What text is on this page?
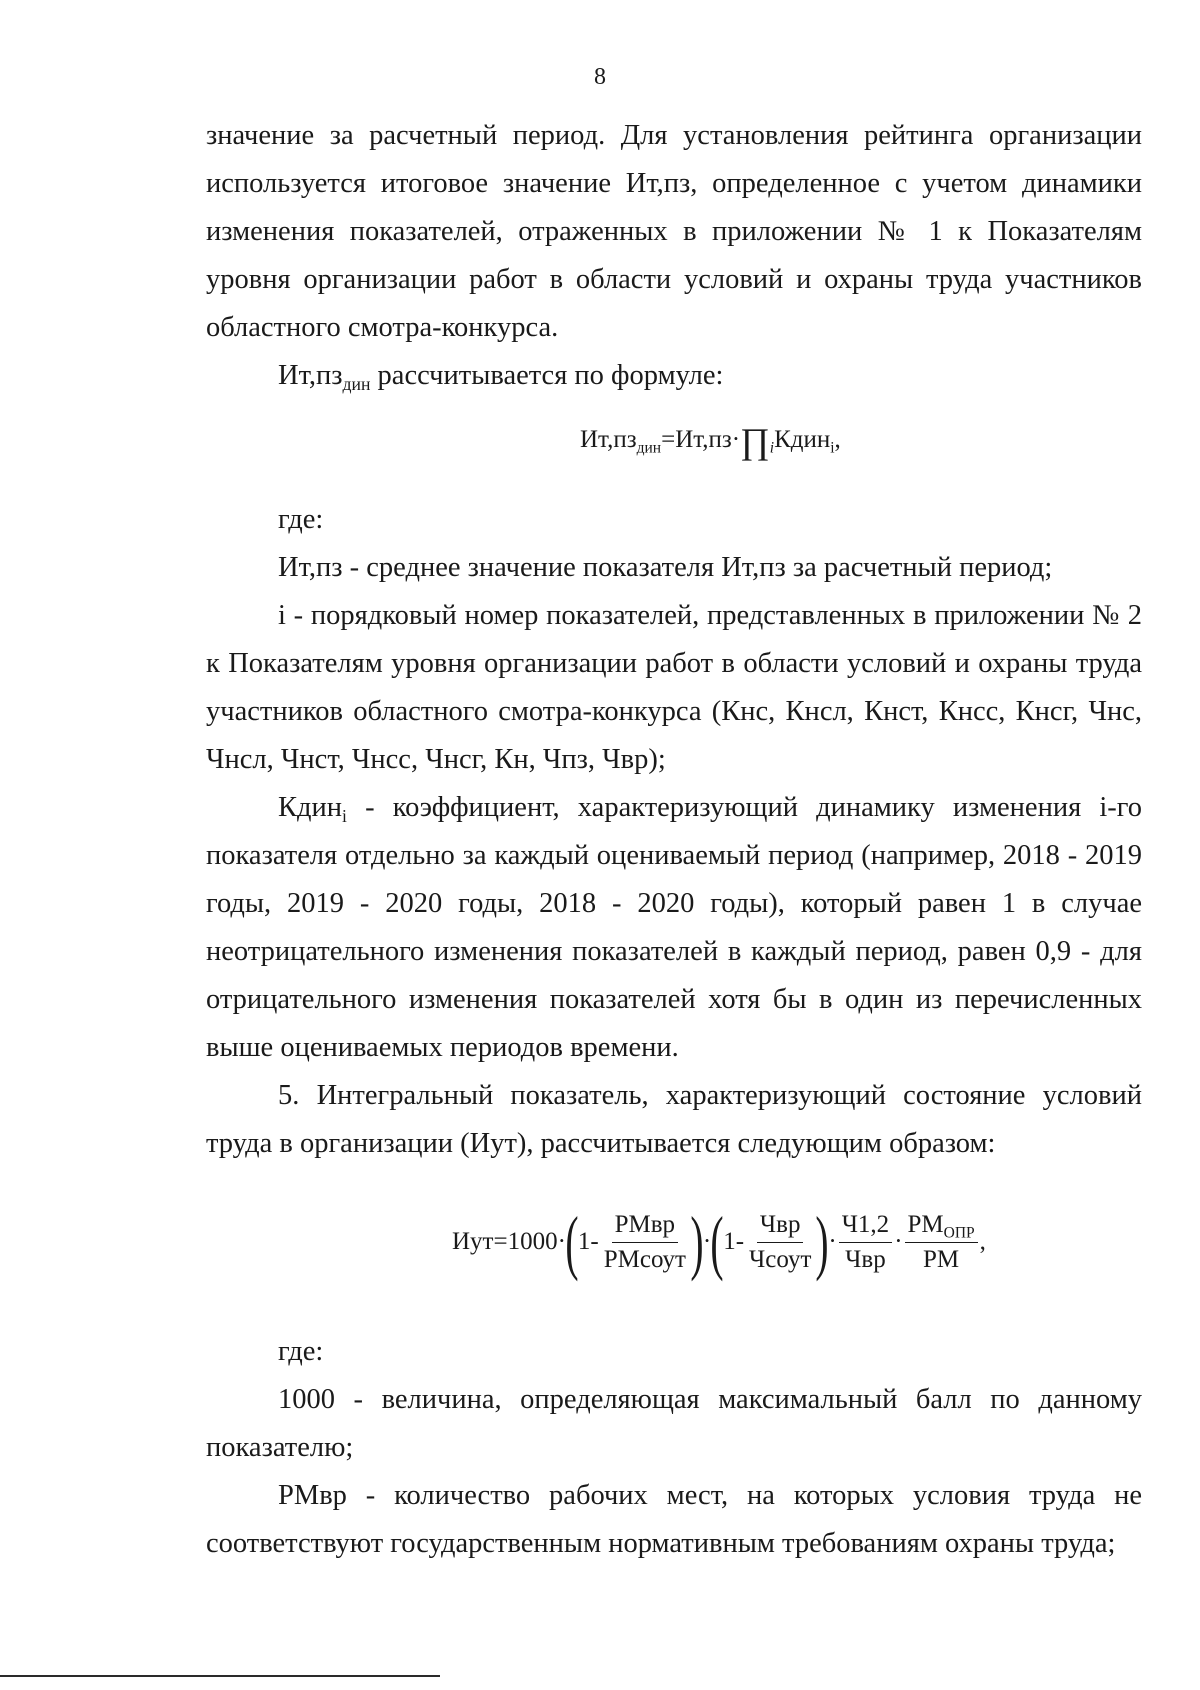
8

значение за расчетный период. Для установления рейтинга организации используется итоговое значение Ит,пз, определенное с учетом динамики изменения показателей, отраженных в приложении № 1 к Показателям уровня организации работ в области условий и охраны труда участников областного смотра-конкурса.

$Ит,пз_{дин}$ рассчитывается по формуле:

$Ит,пз_{дин}=Ит,пз\cdot\prod_iКдин_i$,

где:

Ит,пз - среднее значение показателя Ит,пз за расчетный период;

i - порядковый номер показателей, представленных в приложении № 2 к Показателям уровня организации работ в области условий и охраны труда участников областного смотра-конкурса (Кнс, Кнсл, Кнст, Кнсс, Кнсг, Чнс, Чнсл, Чнст, Чнсс, Чнсг, Кн, Чпз, Чвр);

Кдин$_i$ - коэффициент, характеризующий динамику изменения i-го показателя отдельно за каждый оцениваемый период (например, 2018 - 2019 годы, 2019 - 2020 годы, 2018 - 2020 годы), который равен 1 в случае неотрицательного изменения показателей в каждый период, равен 0,9 - для отрицательного изменения показателей хотя бы в один из перечисленных выше оцениваемых периодов времени.

5. Интегральный показатель, характеризующий состояние условий труда в организации (Иут), рассчитывается следующим образом:

Иут=1000· ( $1- \frac{\text{РМвр}}{\text{РМсоут}}$ ) · ( $1- \frac{\text{Чвр}}{\text{Чсоут}}$ ) · $\frac{Ч1,2}{\text{Чвр}} \cdot \frac{РМ_{ОПР}}{РМ}$ ,

где:

1000 - величина, определяющая максимальный балл по данному показателю;

РМвр - количество рабочих мест, на которых условия труда не соответствуют государственным нормативным требованиям охраны труда;
